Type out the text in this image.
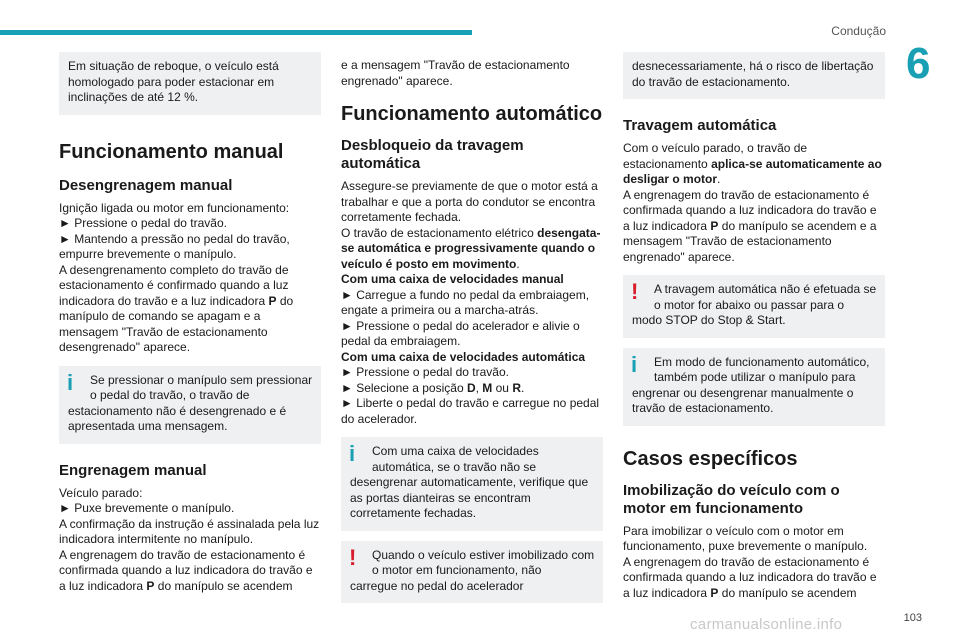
Condução
6
Em situação de reboque, o veículo está homologado para poder estacionar em inclinações de até 12 %.
Funcionamento manual
Desengrenagem manual

Ignição ligada ou motor em funcionamento:

► Pressione o pedal do travão.

► Mantendo a pressão no pedal do travão, empurre brevemente o manípulo.

A desengrenamento completo do travão de estacionamento é confirmado quando a luz indicadora do travão e a luz indicadora P do manípulo de comando se apagam e a mensagem "Travão de estacionamento desengrenado" aparece.

i	Se pressionar o manípulo sem pressionar o pedal do travão, o travão de
estacionamento não é desengrenado e é apresentada uma mensagem.
Engrenagem manual

Veículo parado:

► Puxe brevemente o manípulo.

A confirmação da instrução é assinalada pela luz indicadora intermitente no manípulo.

A engrenagem do travão de estacionamento é confirmada quando a luz indicadora do travão e a luz indicadora P do manípulo se acendem

e a mensagem "Travão de estacionamento engrenado" aparece.

Funcionamento automático
Desbloqueio da travagem automática

Assegure-se previamente de que o motor está a trabalhar e que a porta do condutor se encontra corretamente fechada.

O travão de estacionamento elétrico desengata-se automática e progressivamente quando o veículo é posto em movimento.

Com uma caixa de velocidades manual

► Carregue a fundo no pedal da embraiagem, engate a primeira ou a marcha-atrás.

► Pressione o pedal do acelerador e alivie o pedal da embraiagem.

Com uma caixa de velocidades automática

► Pressione o pedal do travão.

► Selecione a posição D, M ou R.

► Liberte o pedal do travão e carregue no pedal do acelerador.

i	Com uma caixa de velocidades automática, se o travão não se
desengrenar automaticamente, verifique que as portas dianteiras se encontram corretamente fechadas.
!	Quando o veículo estiver imobilizado com o motor em funcionamento, não
carregue no pedal do acelerador
desnecessariamente, há o risco de libertação do travão de estacionamento.
Travagem automática

Com o veículo parado, o travão de estacionamento aplica-se automaticamente ao desligar o motor.

A engrenagem do travão de estacionamento é confirmada quando a luz indicadora do travão e a luz indicadora P do manípulo se acendem e a mensagem "Travão de estacionamento engrenado" aparece.

!	A travagem automática não é efetuada se o motor for abaixo ou passar para o
modo STOP do Stop & Start.
i	Em modo de funcionamento automático, também pode utilizar o manípulo para
engrenar ou desengrenar manualmente o travão de estacionamento.
Casos específicos
Imobilização do veículo com o motor em funcionamento

Para imobilizar o veículo com o motor em funcionamento, puxe brevemente o manípulo.

A engrenagem do travão de estacionamento é confirmada quando a luz indicadora do travão e a luz indicadora P do manípulo se acendem

carmanualsonline.info	103
